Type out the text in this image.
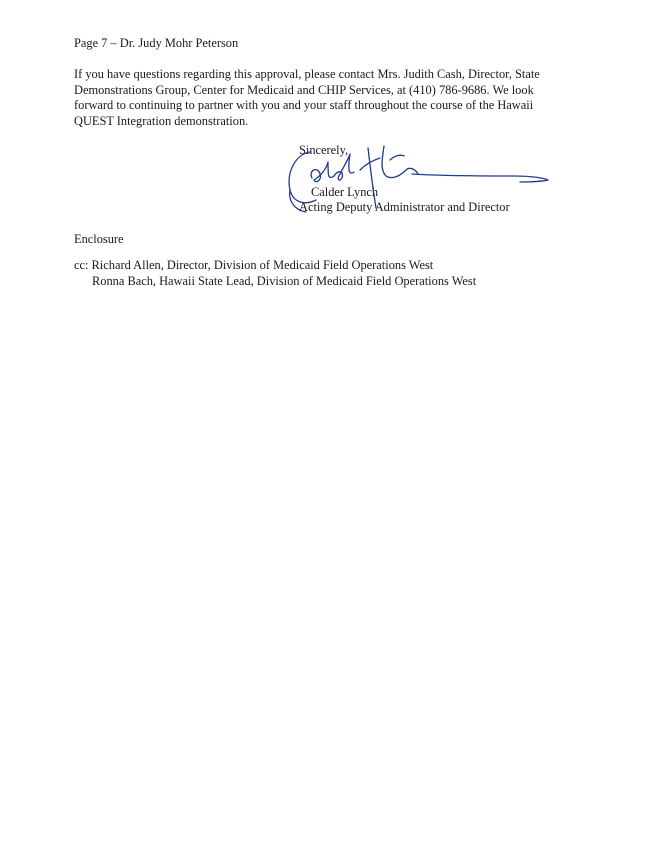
Page 7 – Dr. Judy Mohr Peterson
If you have questions regarding this approval, please contact Mrs. Judith Cash, Director, State
Demonstrations Group, Center for Medicaid and CHIP Services, at (410) 786-9686. We look
forward to continuing to partner with you and your staff throughout the course of the Hawaii
QUEST Integration demonstration.
Sincerely,
Calder Lynch
Acting Deputy Administrator and Director
Enclosure
cc: Richard Allen, Director, Division of Medicaid Field Operations West
Ronna Bach, Hawaii State Lead, Division of Medicaid Field Operations West
